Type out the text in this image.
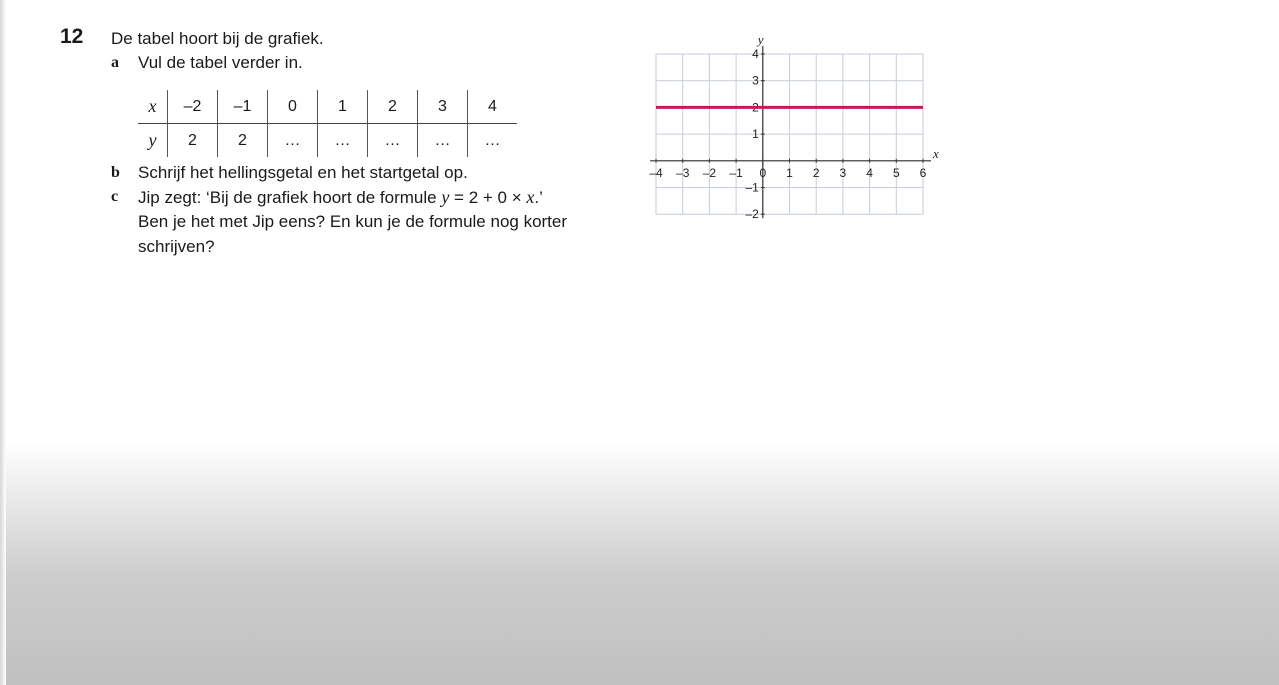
12 De tabel hoort bij de grafiek.
a Vul de tabel verder in.
x	–2	–1	0	1	2	3	4
y	2	2	…	…	…	…	…
b Schrijf het hellingsgetal en het startgetal op.
c Jip zegt: ‘Bij de grafiek hoort de formule y = 2 + 0 × x.’
Ben je het met Jip eens? En kun je de formule nog korter
schrijven?
x
y
–4 –3 –2 –1 0 1 2 3 4 5 6
–2
–1
1
2
3
4
